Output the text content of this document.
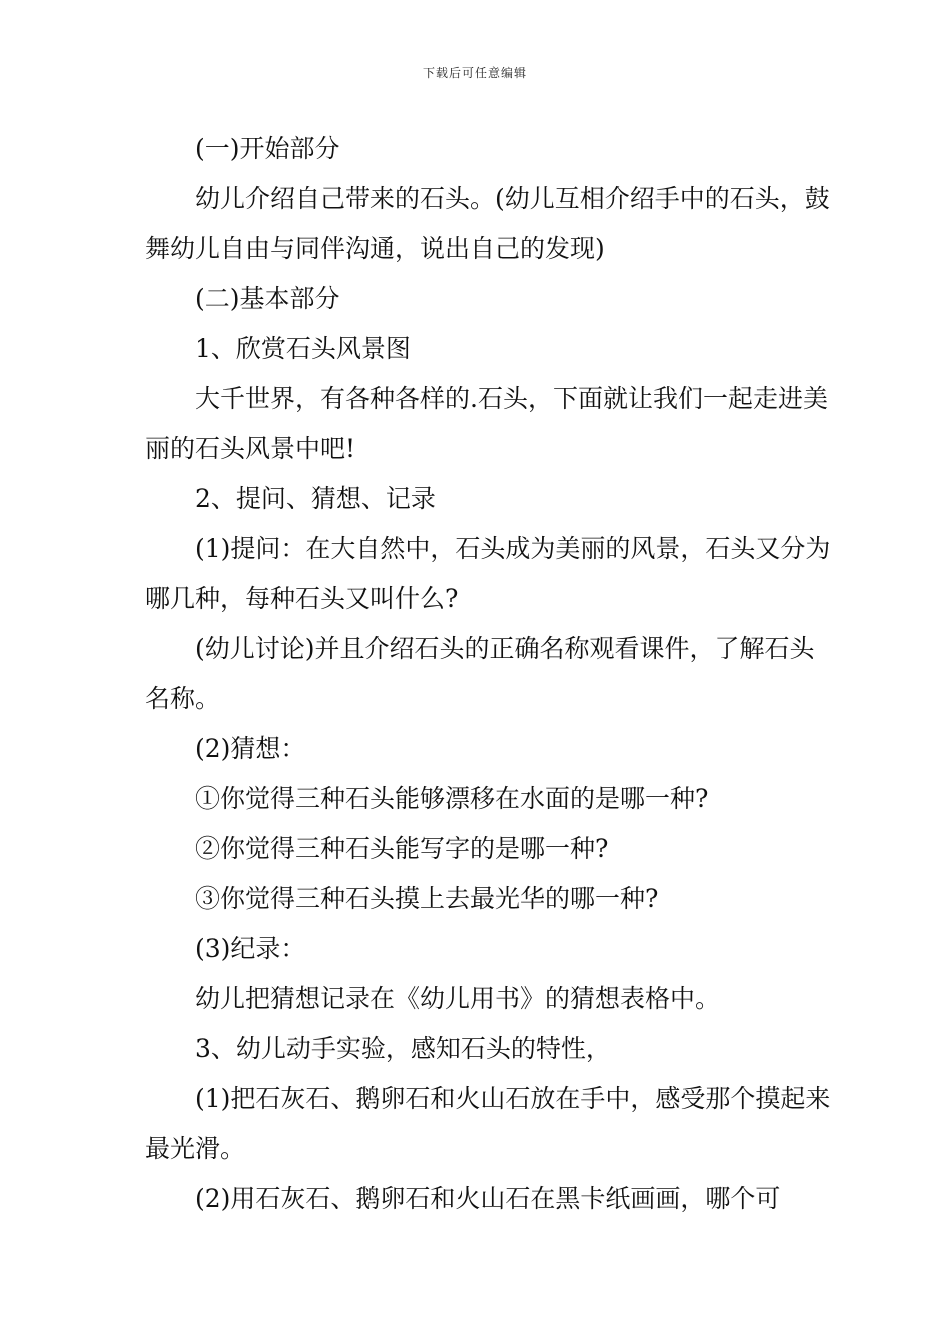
下载后可任意编辑

(一)开始部分

幼儿介绍自己带来的石头。(幼儿互相介绍手中的石头，鼓舞幼儿自由与同伴沟通，说出自己的发现)

(二)基本部分

1、欣赏石头风景图

大千世界，有各种各样的.石头，下面就让我们一起走进美丽的石头风景中吧!

2、提问、猜想、记录

(1)提问：在大自然中，石头成为美丽的风景，石头又分为哪几种，每种石头又叫什么?

(幼儿讨论)并且介绍石头的正确名称观看课件，了解石头名称。

(2)猜想：

①你觉得三种石头能够漂移在水面的是哪一种?

②你觉得三种石头能写字的是哪一种?

③你觉得三种石头摸上去最光华的哪一种?

(3)纪录：

幼儿把猜想记录在《幼儿用书》的猜想表格中。

3、幼儿动手实验，感知石头的特性，

(1)把石灰石、鹅卵石和火山石放在手中，感受那个摸起来最光滑。

(2)用石灰石、鹅卵石和火山石在黑卡纸画画，哪个可
